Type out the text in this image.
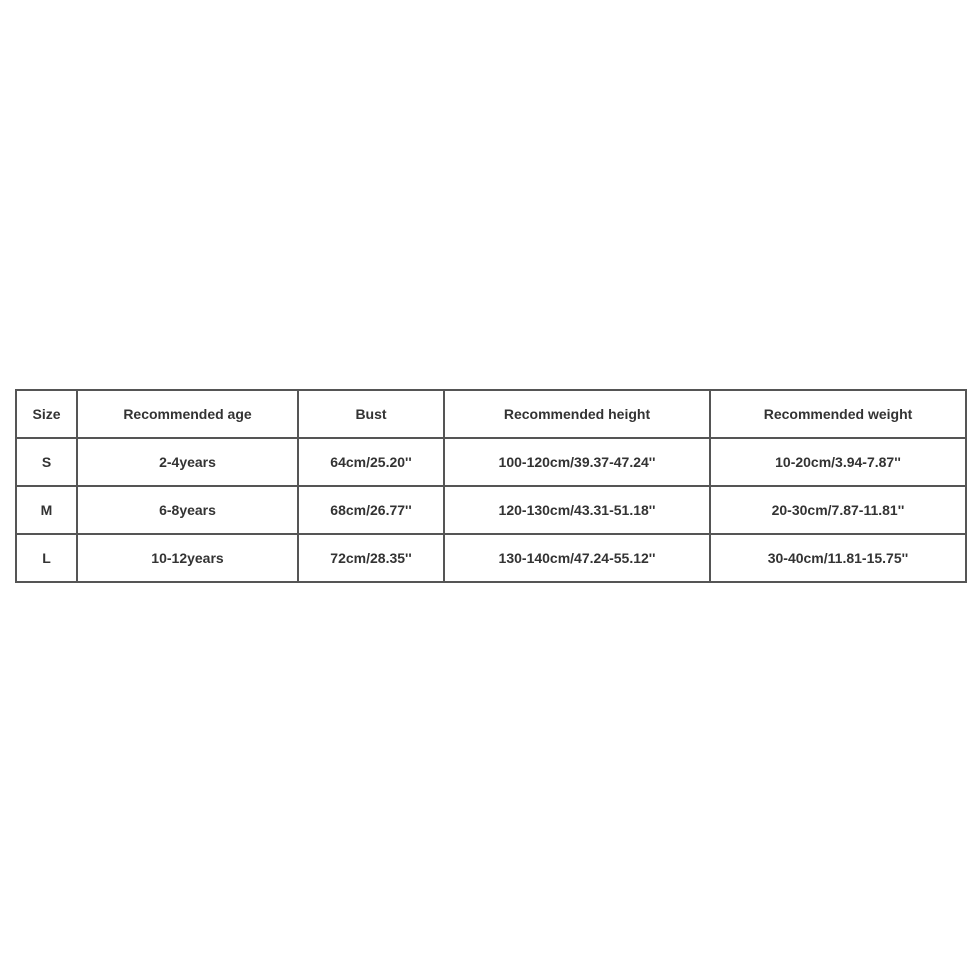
Size	Recommended age	Bust	Recommended height	Recommended weight
S	2-4years	64cm/25.20''	100-120cm/39.37-47.24''	10-20cm/3.94-7.87''
M	6-8years	68cm/26.77''	120-130cm/43.31-51.18''	20-30cm/7.87-11.81''
L	10-12years	72cm/28.35''	130-140cm/47.24-55.12''	30-40cm/11.81-15.75''
